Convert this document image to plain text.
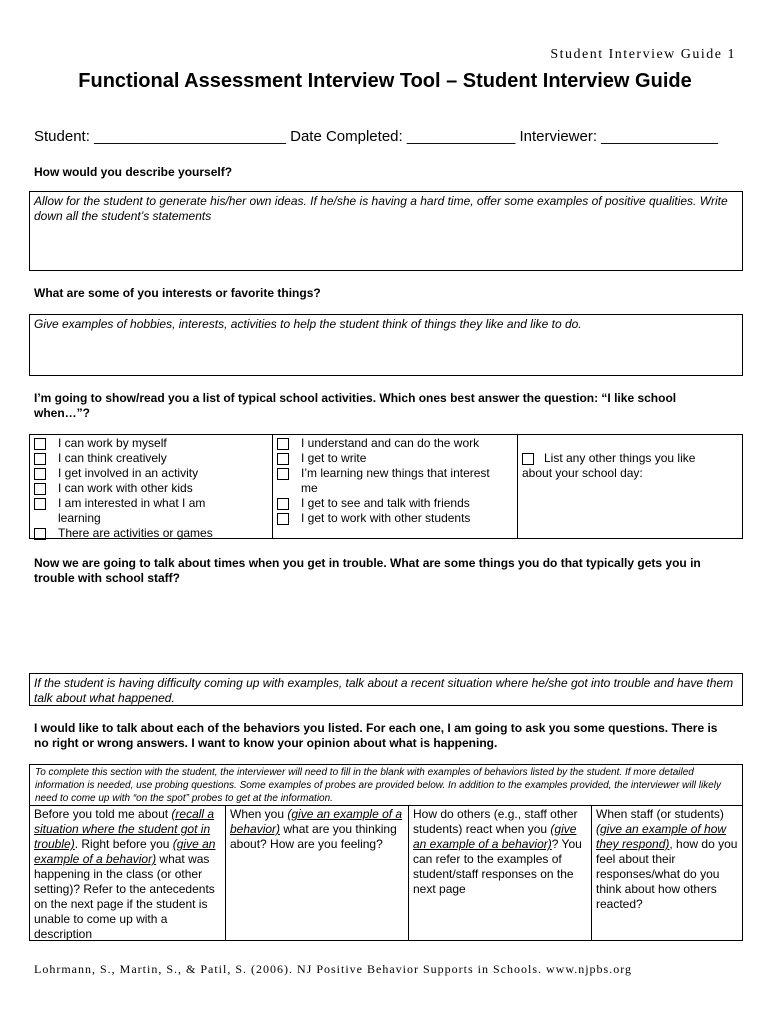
Student Interview Guide 1
Functional Assessment Interview Tool – Student Interview Guide
Student: _______________________ Date Completed: _____________ Interviewer: ______________
How would you describe yourself?
Allow for the student to generate his/her own ideas. If he/she is having a hard time, offer some examples of positive qualities. Write down all the student’s statements
What are some of you interests or favorite things?
Give examples of hobbies, interests, activities to help the student think of things they like and like to do.
I’m going to show/read you a list of typical school activities. Which ones best answer the question: “I like school when…”?
I can work by myself
I can think creatively
I get involved in an activity
I can work with other kids
I am interested in what I am
learning
There are activities or games
I understand and can do the work
I get to write
I’m learning new things that interest
me
I get to see and talk with friends
I get to work with other students
List any other things you like
about your school day:
Now we are going to talk about times when you get in trouble. What are some things you do that typically gets you in trouble with school staff?
If the student is having difficulty coming up with examples, talk about a recent situation where he/she got into trouble and have them talk about what happened.
I would like to talk about each of the behaviors you listed. For each one, I am going to ask you some questions. There is no right or wrong answers. I want to know your opinion about what is happening.
To complete this section with the student, the interviewer will need to fill in the blank with examples of behaviors listed by the student. If more detailed information is needed, use probing questions. Some examples of probes are provided below. In addition to the examples provided, the interviewer will likely need to come up with “on the spot” probes to get at the information.
Before you told me about (recall a situation where the student got in trouble). Right before you (give an example of a behavior) what was happening in the class (or other setting)? Refer to the antecedents on the next page if the student is unable to come up with a description
When you (give an example of a behavior) what are you thinking about? How are you feeling?
How do others (e.g., staff other students) react when you (give an example of a behavior)? You can refer to the examples of student/staff responses on the next page
When staff (or students) (give an example of how they respond), how do you feel about their responses/what do you think about how others reacted?
Lohrmann, S., Martin, S., & Patil, S. (2006). NJ Positive Behavior Supports in Schools. www.njpbs.org
